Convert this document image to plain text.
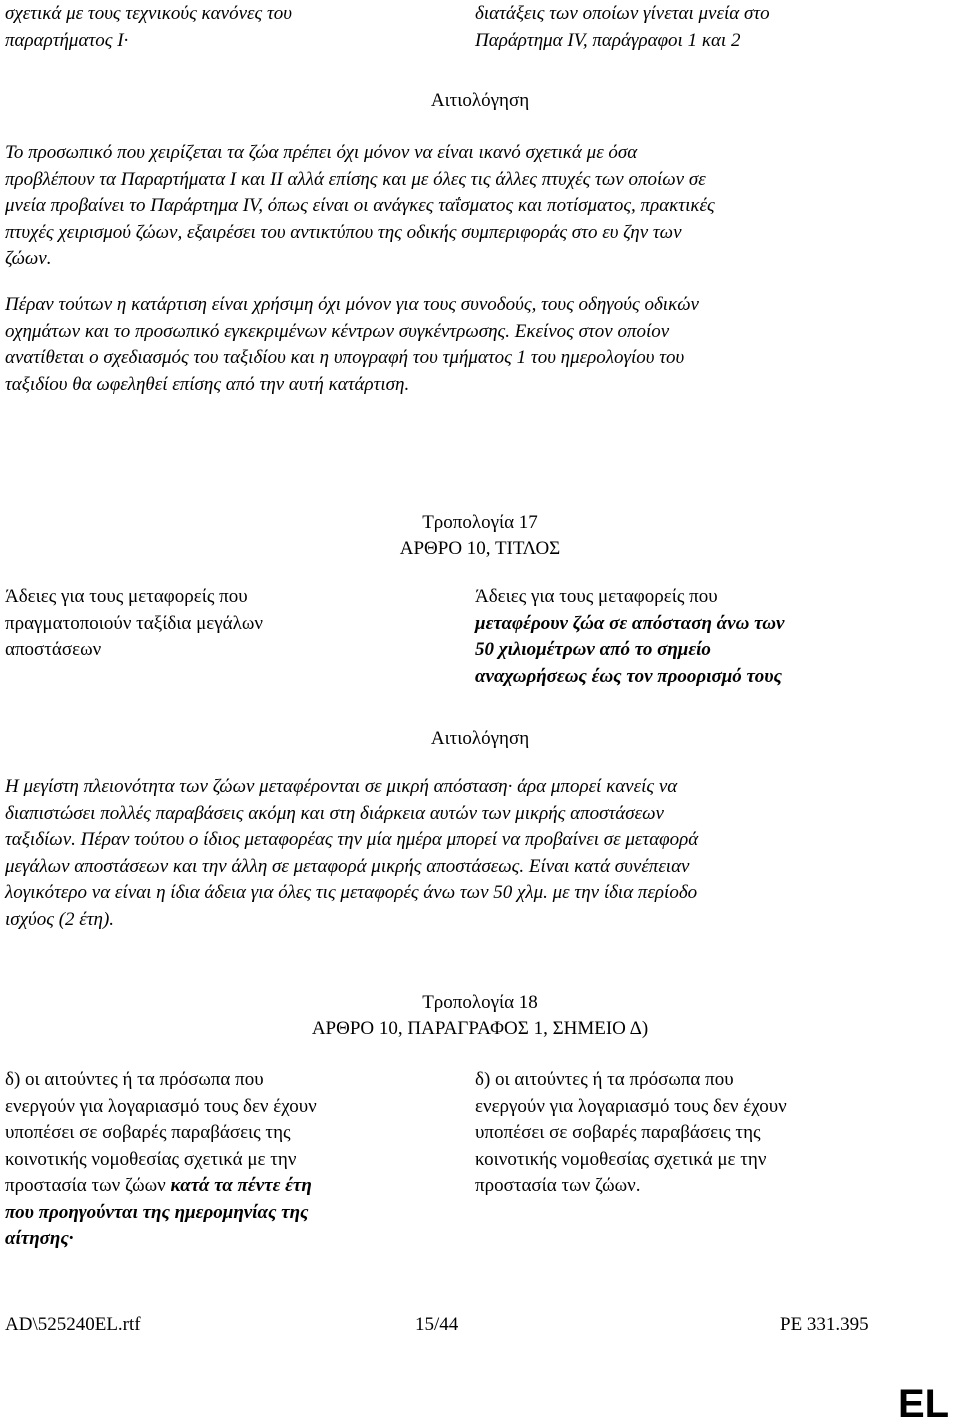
σχετικά με τους τεχνικούς κανόνες του
παραρτήματος Ι·
διατάξεις των οποίων γίνεται μνεία στο
Παράρτημα IV, παράγραφοι 1 και 2
Αιτιολόγηση
Το προσωπικό που χειρίζεται τα ζώα πρέπει όχι μόνον να είναι ικανό σχετικά με όσα
προβλέπουν τα Παραρτήματα Ι και ΙΙ αλλά επίσης και με όλες τις άλλες πτυχές των οποίων σε
μνεία προβαίνει το Παράρτημα IV, όπως είναι οι ανάγκες ταΐσματος και ποτίσματος, πρακτικές
πτυχές χειρισμού ζώων, εξαιρέσει του αντικτύπου της οδικής συμπεριφοράς στο ευ ζην των
ζώων.
Πέραν τούτων η κατάρτιση είναι χρήσιμη όχι μόνον για τους συνοδούς, τους οδηγούς οδικών
οχημάτων και το προσωπικό εγκεκριμένων κέντρων συγκέντρωσης. Εκείνος στον οποίον
ανατίθεται ο σχεδιασμός του ταξιδίου και η υπογραφή του τμήματος 1 του ημερολογίου του
ταξιδίου θα ωφεληθεί επίσης από την αυτή κατάρτιση.
Τροπολογία 17
ΑΡΘΡΟ 10, ΤΙΤΛΟΣ
Άδειες για τους μεταφορείς που
πραγματοποιούν ταξίδια μεγάλων
αποστάσεων
Άδειες για τους μεταφορείς που
μεταφέρουν ζώα σε απόσταση άνω των
50 χιλιομέτρων από το σημείο
αναχωρήσεως έως τον προορισμό τους
Αιτιολόγηση
Η μεγίστη πλειονότητα των ζώων μεταφέρονται σε μικρή απόσταση· άρα μπορεί κανείς να
διαπιστώσει πολλές παραβάσεις ακόμη και στη διάρκεια αυτών των μικρής αποστάσεων
ταξιδίων. Πέραν τούτου ο ίδιος μεταφορέας την μία ημέρα μπορεί να προβαίνει σε μεταφορά
μεγάλων αποστάσεων και την άλλη σε μεταφορά μικρής αποστάσεως. Είναι κατά συνέπειαν
λογικότερο να είναι η ίδια άδεια για όλες τις μεταφορές άνω των 50 χλμ. με την ίδια περίοδο
ισχύος (2 έτη).
Τροπολογία 18
ΑΡΘΡΟ 10, ΠΑΡΑΓΡΑΦΟΣ 1, ΣΗΜΕΙΟ Δ)
δ) οι αιτούντες ή τα πρόσωπα που
ενεργούν για λογαριασμό τους δεν έχουν
υποπέσει σε σοβαρές παραβάσεις της
κοινοτικής νομοθεσίας σχετικά με την
προστασία των ζώων κατά τα πέντε έτη
που προηγούνται της ημερομηνίας της
αίτησης·
δ) οι αιτούντες ή τα πρόσωπα που
ενεργούν για λογαριασμό τους δεν έχουν
υποπέσει σε σοβαρές παραβάσεις της
κοινοτικής νομοθεσίας σχετικά με την
προστασία των ζώων.
AD\525240EL.rtf	15/44	PE 331.395
EL
